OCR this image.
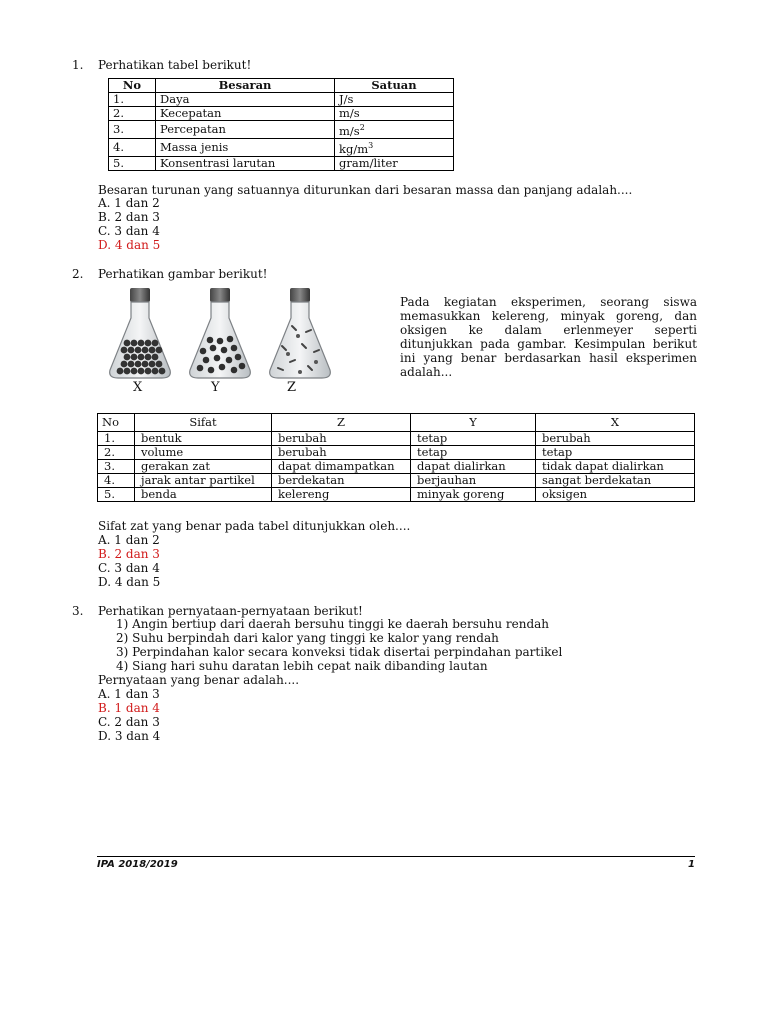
1. Perhatikan tabel berikut!
No	Besaran	Satuan
1.	Daya	J/s
2.	Kecepatan	m/s
3.	Percepatan	$m/s^2$
4.	Massa jenis	$kg/m^3$
5.	Konsentrasi larutan	gram/liter
Besaran turunan yang satuannya diturunkan dari besaran massa dan panjang adalah....
A. 1 dan 2
B. 2 dan 3
C. 3 dan 4
D. 4 dan 5
2. Perhatikan gambar berikut!
X	Y	Z
Pada kegiatan eksperimen, seorang siswa memasukkan kelereng, minyak goreng, dan oksigen ke dalam erlenmeyer seperti ditunjukkan pada gambar. Kesimpulan berikut ini yang benar berdasarkan hasil eksperimen adalah...
No	Sifat	Z	Y	X
1.	bentuk	berubah	tetap	berubah
2.	volume	berubah	tetap	tetap
3.	gerakan zat	dapat dimampatkan	dapat dialirkan	tidak dapat dialirkan
4.	jarak antar partikel	berdekatan	berjauhan	sangat berdekatan
5.	benda	kelereng	minyak goreng	oksigen
Sifat zat yang benar pada tabel ditunjukkan oleh....
A. 1 dan 2
B. 2 dan 3
C. 3 dan 4
D. 4 dan 5
3. Perhatikan pernyataan-pernyataan berikut!
1) Angin bertiup dari daerah bersuhu tinggi ke daerah bersuhu rendah
2) Suhu berpindah dari kalor yang tinggi ke kalor yang rendah
3) Perpindahan kalor secara konveksi tidak disertai perpindahan partikel
4) Siang hari suhu daratan lebih cepat naik dibanding lautan
Pernyataan yang benar adalah....
A. 1 dan 3
B. 1 dan 4
C. 2 dan 3
D. 3 dan 4
IPA 2018/2019	1
